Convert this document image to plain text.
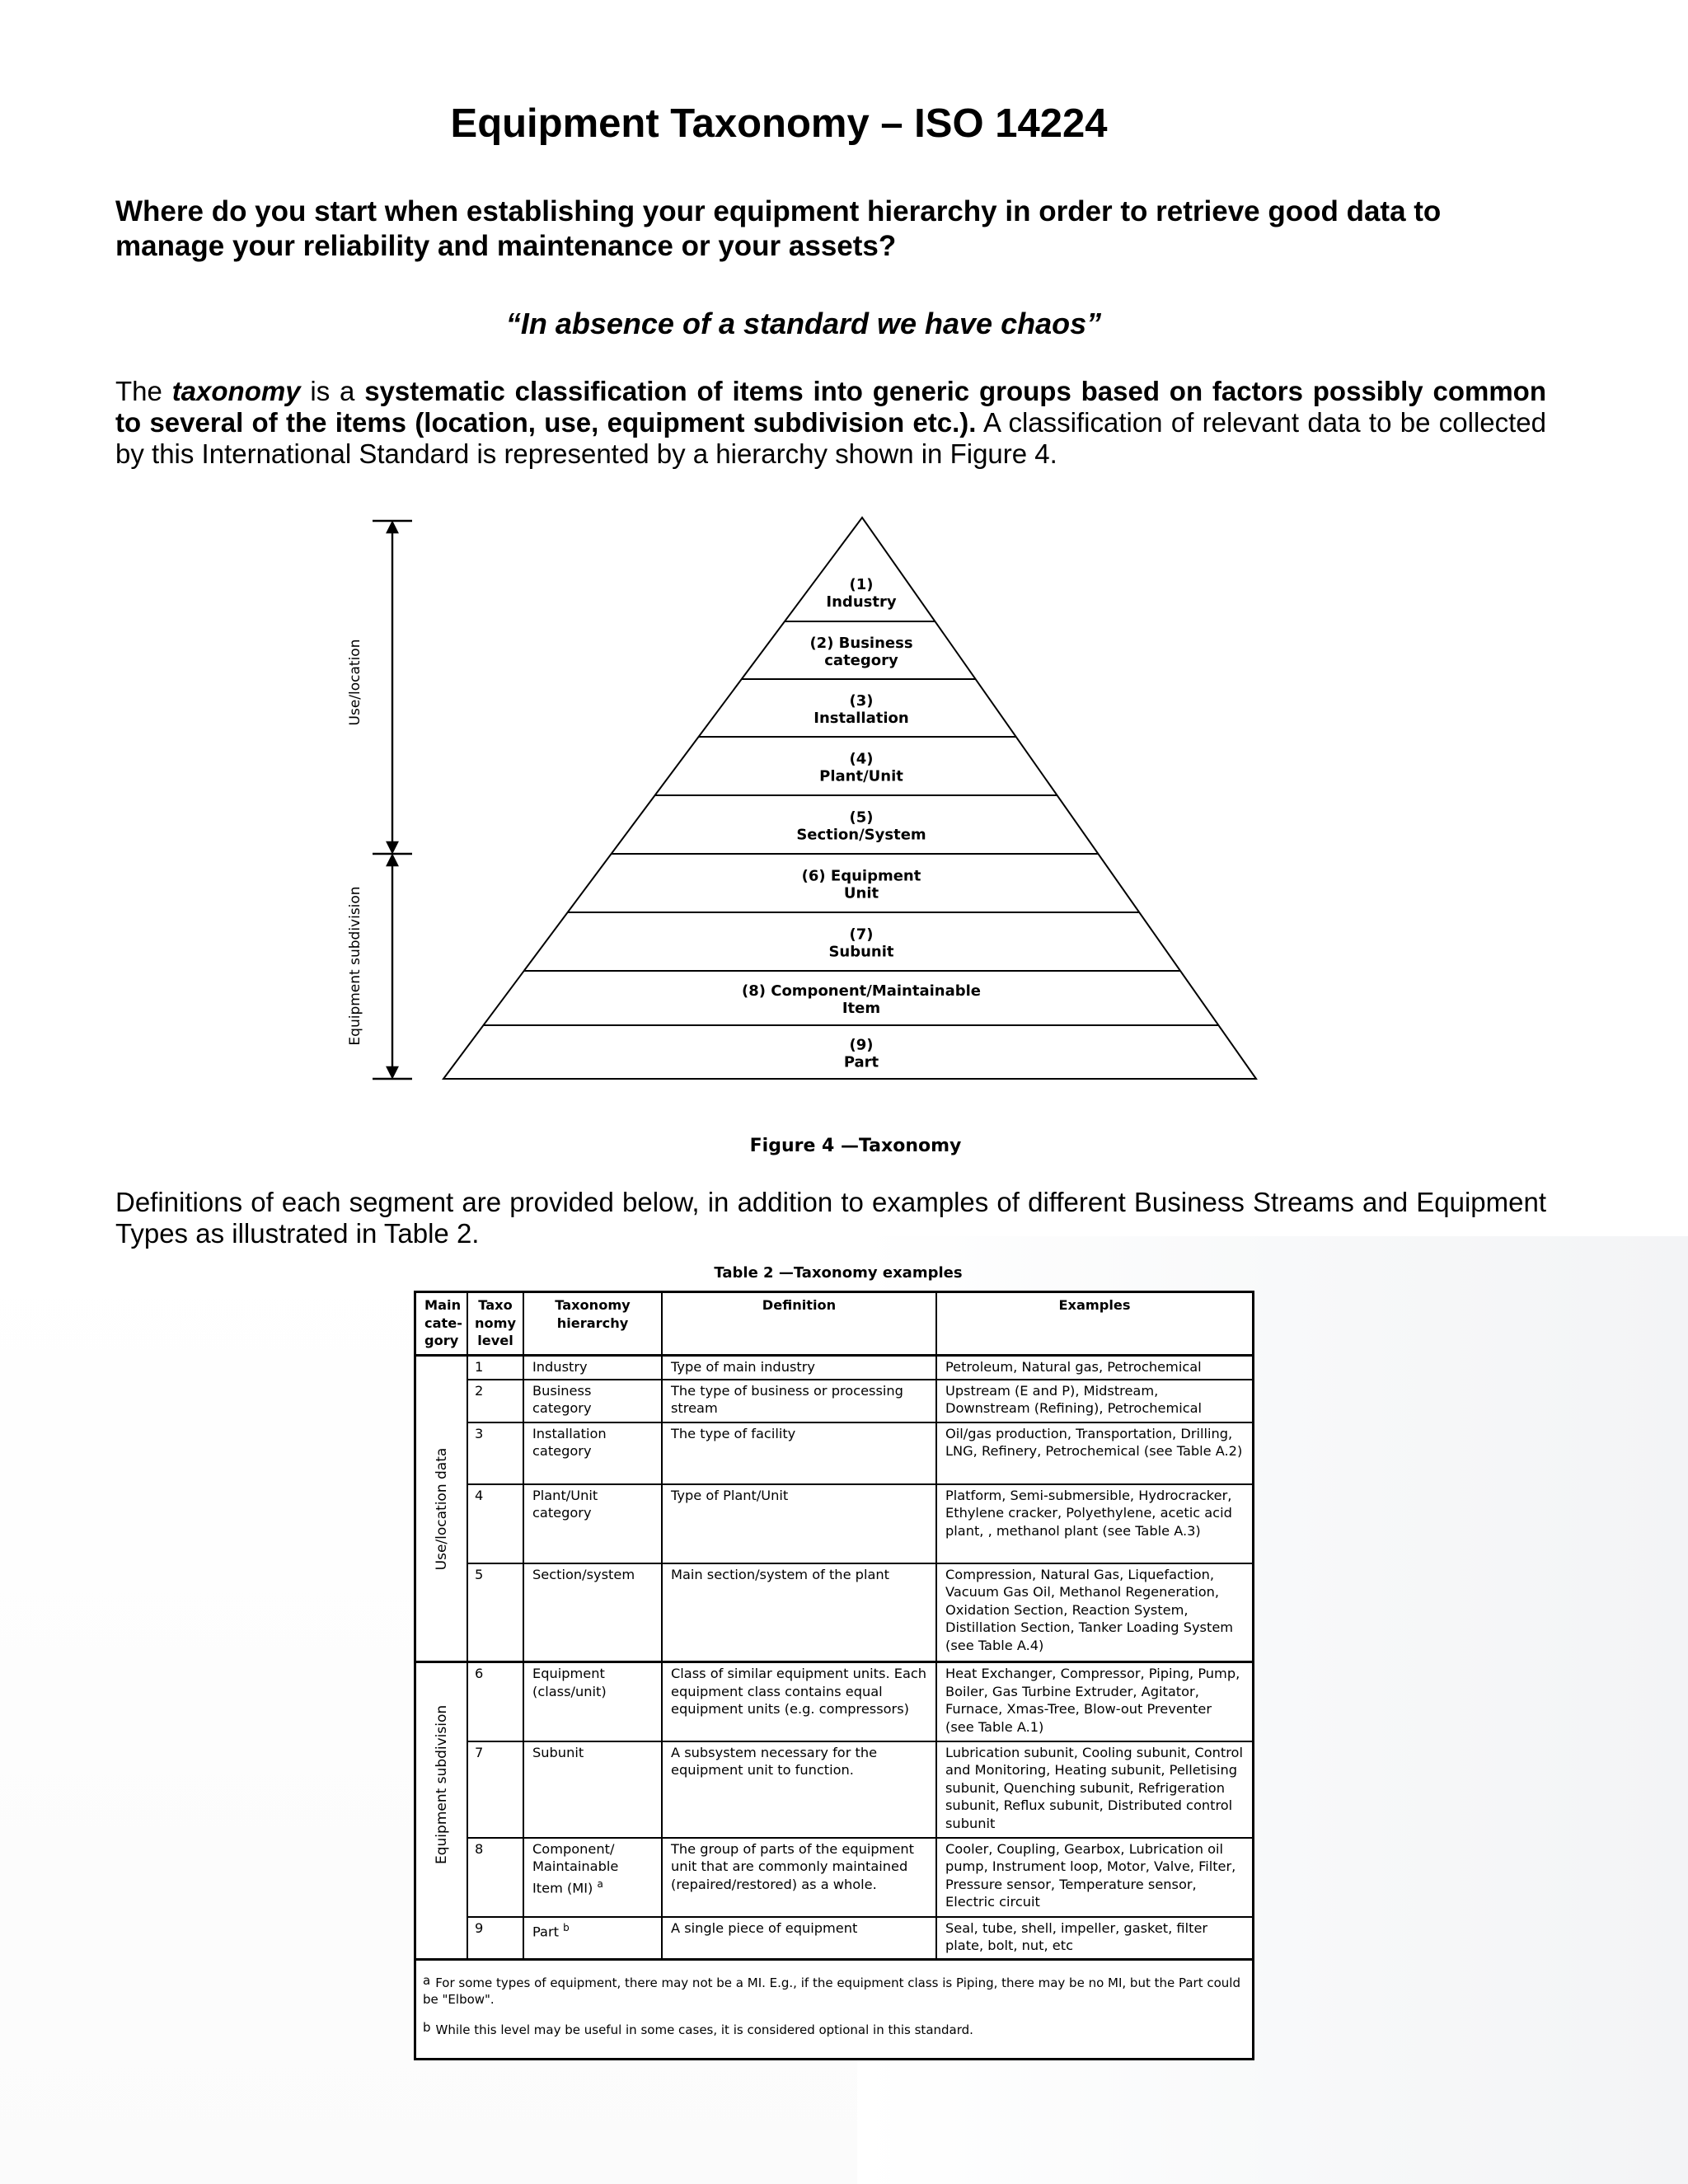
Equipment Taxonomy – ISO 14224

Where do you start when establishing your equipment hierarchy in order to retrieve good data to manage your reliability and maintenance or your assets?

“In absence of a standard we have chaos”

The taxonomy is a systematic classification of items into generic groups based on factors possibly common to several of the items (location, use, equipment subdivision etc.). A classification of relevant data to be collected by this International Standard is represented by a hierarchy shown in Figure 4.

Use/location
Equipment subdivision
(1)
Industry
(2) Business
category
(3)
Installation
(4)
Plant/Unit
(5)
Section/System
(6) Equipment
Unit
(7)
Subunit
(8) Component/Maintainable
Item
(9)
Part

Figure 4 —Taxonomy

Definitions of each segment are provided below, in addition to examples of different Business Streams and Equipment Types as illustrated in Table 2.

Table 2 —Taxonomy examples

Main cate- gory	Taxo nomy level	Taxonomy hierarchy	Definition	Examples

Use/location data	1	Industry	Type of main industry	Petroleum, Natural gas, Petrochemical
	2	Business category	The type of business or processing stream	Upstream (E and P), Midstream, Downstream (Refining), Petrochemical
	3	Installation category	The type of facility	Oil/gas production, Transportation, Drilling, LNG, Refinery, Petrochemical (see Table A.2)
	4	Plant/Unit category	Type of Plant/Unit	Platform, Semi-submersible, Hydrocracker, Ethylene cracker, Polyethylene, acetic acid plant, , methanol plant (see Table A.3)
	5	Section/system	Main section/system of the plant	Compression, Natural Gas, Liquefaction, Vacuum Gas Oil, Methanol Regeneration, Oxidation Section, Reaction System, Distillation Section, Tanker Loading System (see Table A.4)

Equipment subdivision	6	Equipment (class/unit)	Class of similar equipment units. Each equipment class contains equal equipment units (e.g. compressors)	Heat Exchanger, Compressor, Piping, Pump, Boiler, Gas Turbine Extruder, Agitator, Furnace, Xmas-Tree, Blow-out Preventer (see Table A.1)
	7	Subunit	A subsystem necessary for the equipment unit to function.	Lubrication subunit, Cooling subunit, Control and Monitoring, Heating subunit, Pelletising subunit, Quenching subunit, Refrigeration subunit, Reflux subunit, Distributed control subunit
	8	Component/ Maintainable Item (MI) $^a$	The group of parts of the equipment unit that are commonly maintained (repaired/restored) as a whole.	Cooler, Coupling, Gearbox, Lubrication oil pump, Instrument loop, Motor, Valve, Filter, Pressure sensor, Temperature sensor, Electric circuit
	9	Part $^b$	A single piece of equipment	Seal, tube, shell, impeller, gasket, filter plate, bolt, nut, etc

$^a$ For some types of equipment, there may not be a MI. E.g., if the equipment class is Piping, there may be no MI, but the Part could be "Elbow".

$^b$ While this level may be useful in some cases, it is considered optional in this standard.
